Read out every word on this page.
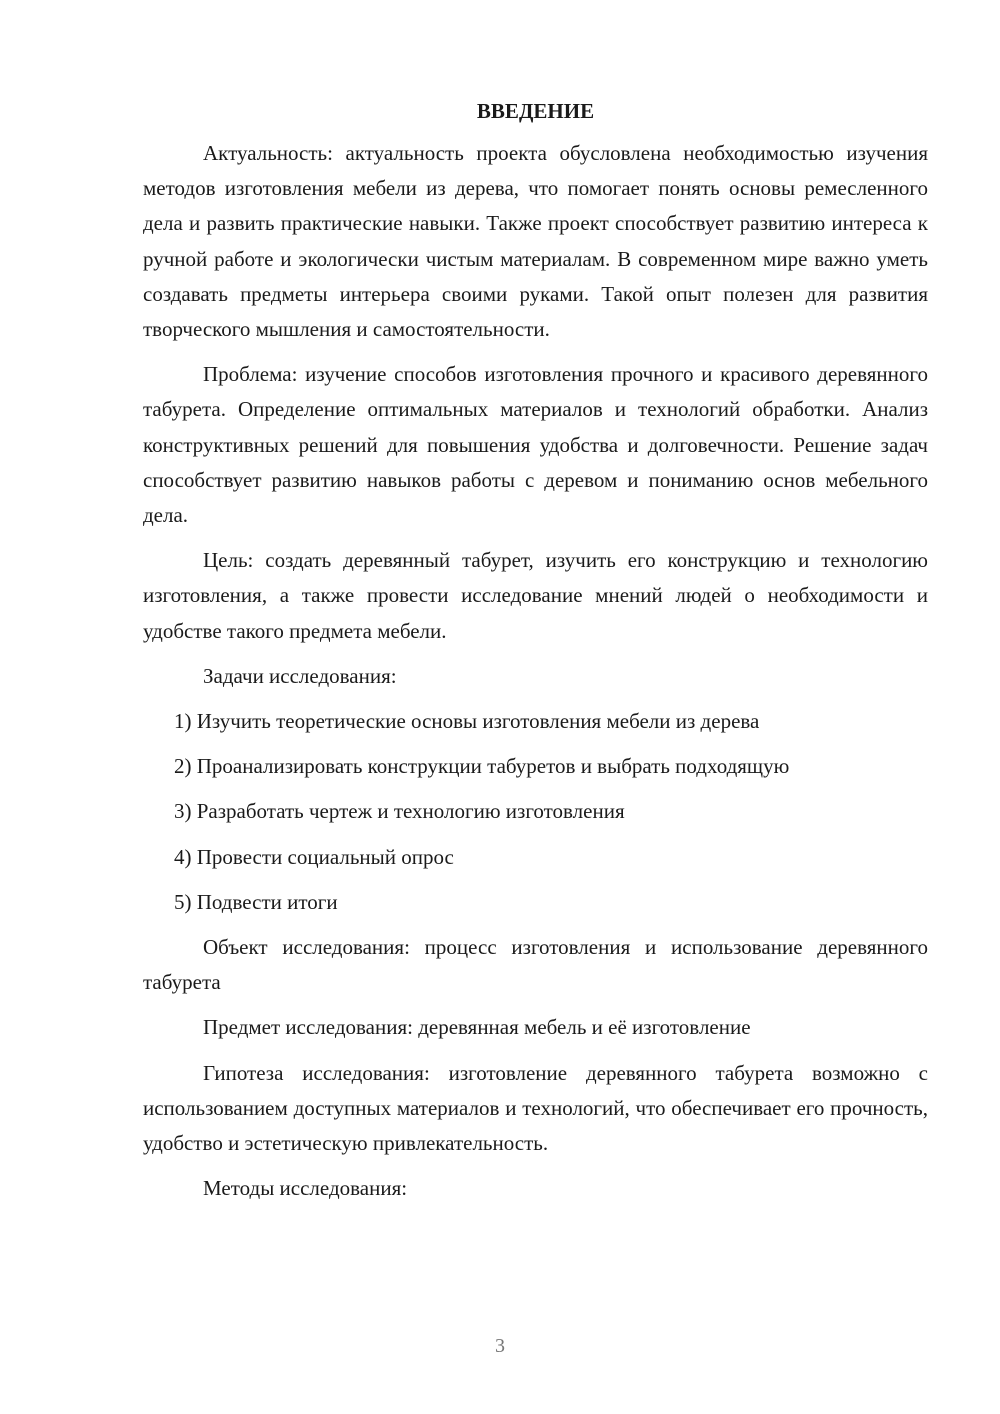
ВВЕДЕНИЕ

Актуальность: актуальность проекта обусловлена необходимостью изучения методов изготовления мебели из дерева, что помогает понять основы ремесленного дела и развить практические навыки. Также проект способствует развитию интереса к ручной работе и экологически чистым материалам. В современном мире важно уметь создавать предметы интерьера своими руками. Такой опыт полезен для развития творческого мышления и самостоятельности.

Проблема: изучение способов изготовления прочного и красивого деревянного табурета. Определение оптимальных материалов и технологий обработки. Анализ конструктивных решений для повышения удобства и долговечности. Решение задач способствует развитию навыков работы с деревом и пониманию основ мебельного дела.

Цель: создать деревянный табурет, изучить его конструкцию и технологию изготовления, а также провести исследование мнений людей о необходимости и удобстве такого предмета мебели.

Задачи исследования:

1) Изучить теоретические основы изготовления мебели из дерева
2) Проанализировать конструкции табуретов и выбрать подходящую
3) Разработать чертеж и технологию изготовления
4) Провести социальный опрос
5) Подвести итоги

Объект исследования: процесс изготовления и использование деревянного табурета

Предмет исследования: деревянная мебель и её изготовление

Гипотеза исследования: изготовление деревянного табурета возможно с использованием доступных материалов и технологий, что обеспечивает его прочность, удобство и эстетическую привлекательность.

Методы исследования:

3
